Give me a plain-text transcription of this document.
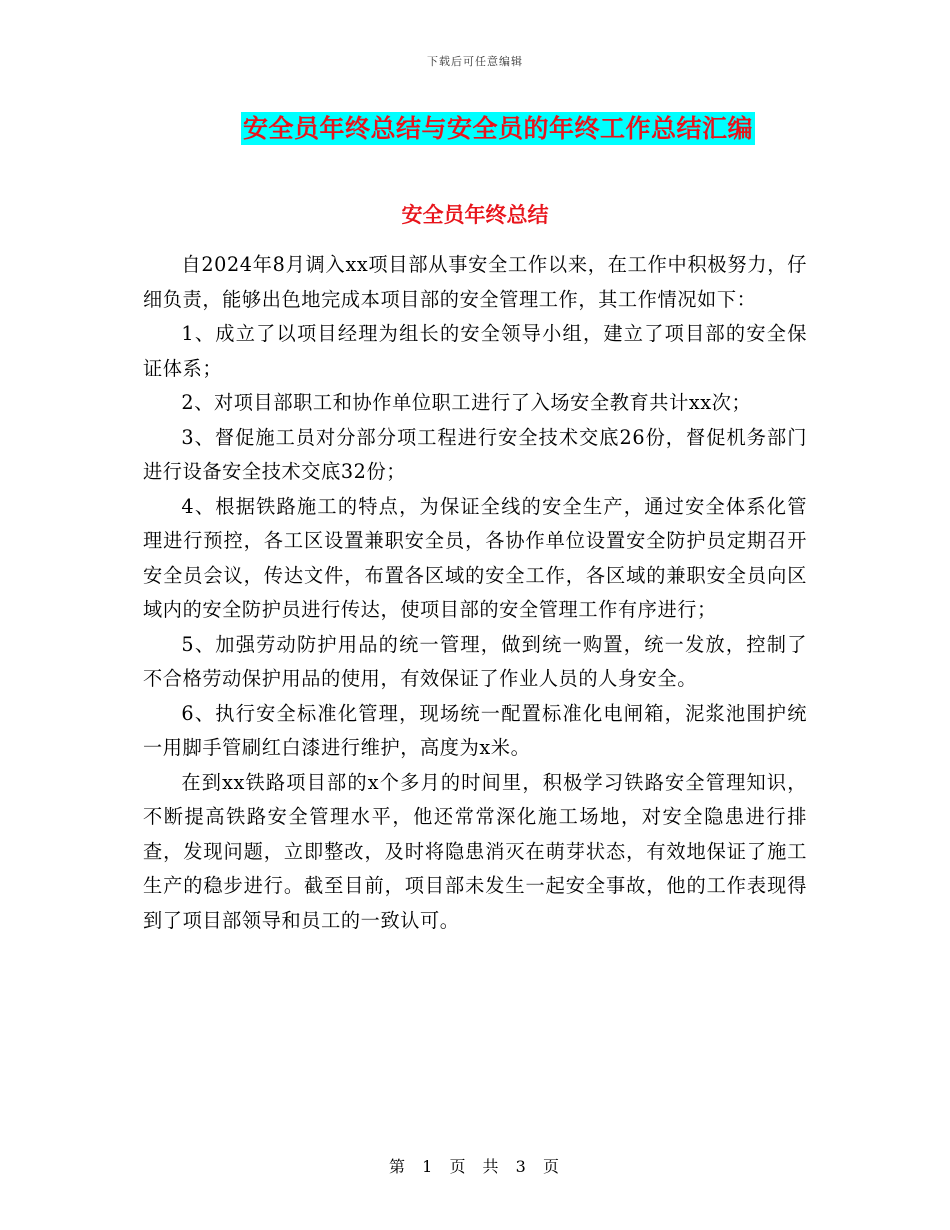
下载后可任意编辑
安全员年终总结与安全员的年终工作总结汇编
安全员年终总结

自2024年8月调入xx项目部从事安全工作以来，在工作中积极努力，仔细负责，能够出色地完成本项目部的安全管理工作，其工作情况如下：

1、成立了以项目经理为组长的安全领导小组，建立了项目部的安全保证体系；

2、对项目部职工和协作单位职工进行了入场安全教育共计xx次；

3、督促施工员对分部分项工程进行安全技术交底26份，督促机务部门进行设备安全技术交底32份；

4、根据铁路施工的特点，为保证全线的安全生产，通过安全体系化管理进行预控，各工区设置兼职安全员，各协作单位设置安全防护员定期召开安全员会议，传达文件，布置各区域的安全工作，各区域的兼职安全员向区域内的安全防护员进行传达，使项目部的安全管理工作有序进行；

5、加强劳动防护用品的统一管理，做到统一购置，统一发放，控制了不合格劳动保护用品的使用，有效保证了作业人员的人身安全。

6、执行安全标准化管理，现场统一配置标准化电闸箱，泥浆池围护统一用脚手管刷红白漆进行维护，高度为x米。

在到xx铁路项目部的x个多月的时间里，积极学习铁路安全管理知识，不断提高铁路安全管理水平，他还常常深化施工场地，对安全隐患进行排查，发现问题，立即整改，及时将隐患消灭在萌芽状态，有效地保证了施工生产的稳步进行。截至目前，项目部未发生一起安全事故，他的工作表现得到了项目部领导和员工的一致认可。

第 1 页 共 3 页
